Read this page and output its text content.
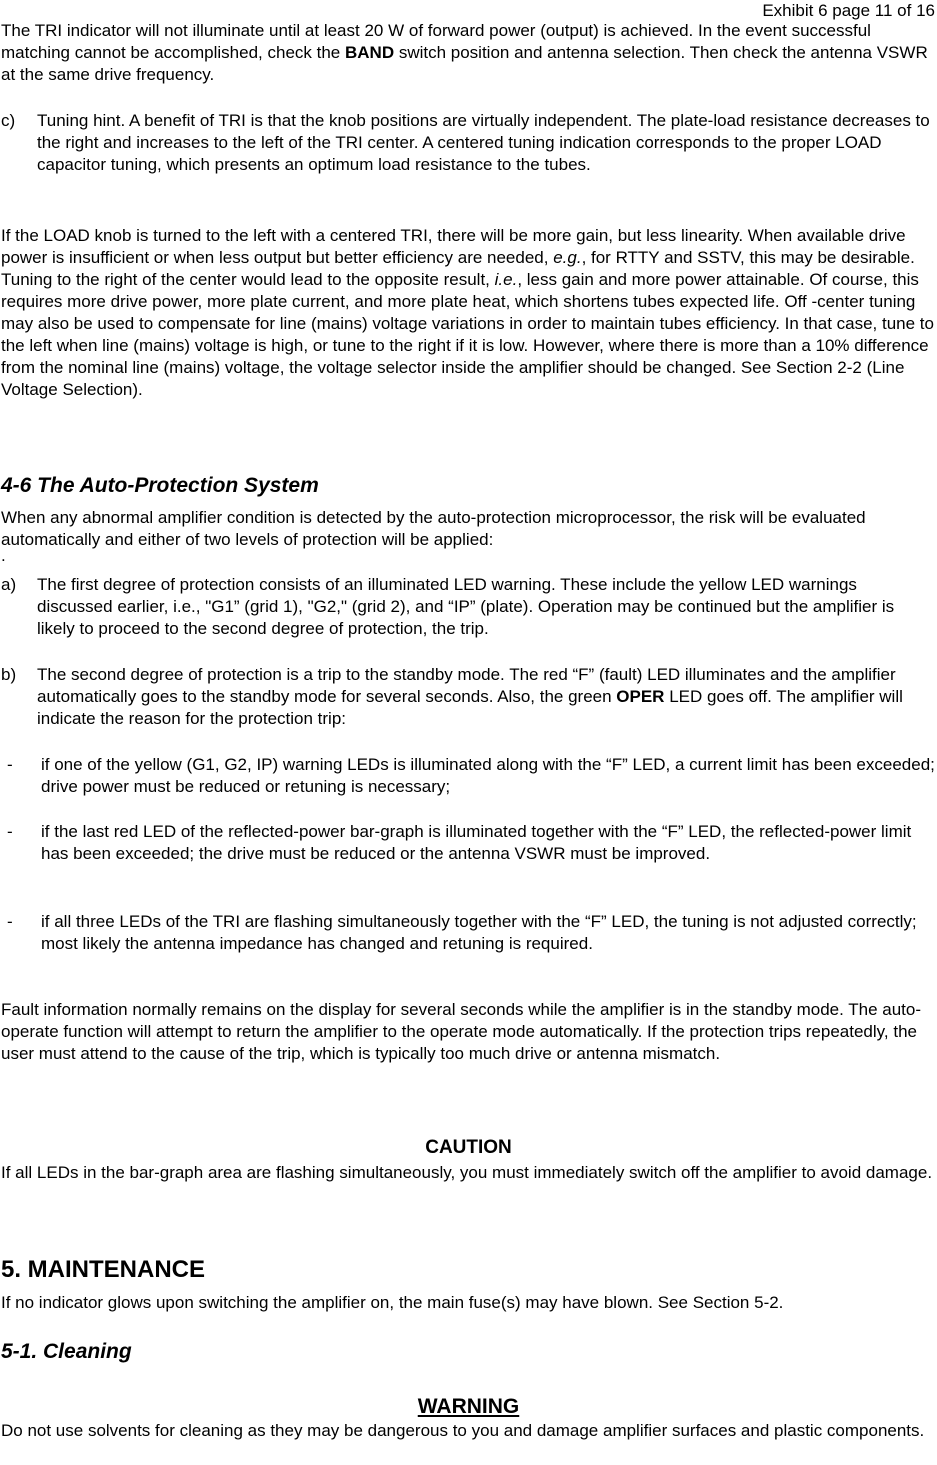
Exhibit 6 page 11 of 16
The TRI indicator will not illuminate until at least 20 W of forward power (output) is achieved. In the event successful matching cannot be accomplished, check the BAND switch position and antenna selection. Then check the antenna VSWR at the same drive frequency.
c) Tuning hint. A benefit of TRI is that the knob positions are virtually independent. The plate-load resistance decreases to the right and increases to the left of the TRI center. A centered tuning indication corresponds to the proper LOAD capacitor tuning, which presents an optimum load resistance to the tubes.
If the LOAD knob is turned to the left with a centered TRI, there will be more gain, but less linearity. When available drive power is insufficient or when less output but better efficiency are needed, e.g., for RTTY and SSTV, this may be desirable. Tuning to the right of the center would lead to the opposite result, i.e., less gain and more power attainable. Of course, this requires more drive power, more plate current, and more plate heat, which shortens tubes expected life. Off -center tuning may also be used to compensate for line (mains) voltage variations in order to maintain tubes efficiency. In that case, tune to the left when line (mains) voltage is high, or tune to the right if it is low. However, where there is more than a 10% difference from the nominal line (mains) voltage, the voltage selector inside the amplifier should be changed. See Section 2-2 (Line Voltage Selection).
4-6 The Auto-Protection System
When any abnormal amplifier condition is detected by the auto-protection microprocessor, the risk will be evaluated automatically and either of two levels of protection will be applied:
.
a) The first degree of protection consists of an illuminated LED warning. These include the yellow LED warnings discussed earlier, i.e., "G1” (grid 1), "G2," (grid 2), and “IP” (plate). Operation may be continued but the amplifier is likely to proceed to the second degree of protection, the trip.
b) The second degree of protection is a trip to the standby mode. The red “F” (fault) LED illuminates and the amplifier automatically goes to the standby mode for several seconds. Also, the green OPER LED goes off. The amplifier will indicate the reason for the protection trip:
- if one of the yellow (G1, G2, IP) warning LEDs is illuminated along with the “F” LED, a current limit has been exceeded; drive power must be reduced or retuning is necessary;
- if the last red LED of the reflected-power bar-graph is illuminated together with the “F” LED, the reflected-power limit has been exceeded; the drive must be reduced or the antenna VSWR must be improved.
- if all three LEDs of the TRI are flashing simultaneously together with the “F” LED, the tuning is not adjusted correctly; most likely the antenna impedance has changed and retuning is required.
Fault information normally remains on the display for several seconds while the amplifier is in the standby mode. The auto-operate function will attempt to return the amplifier to the operate mode automatically. If the protection trips repeatedly, the user must attend to the cause of the trip, which is typically too much drive or antenna mismatch.
CAUTION
If all LEDs in the bar-graph area are flashing simultaneously, you must immediately switch off the amplifier to avoid damage.
5. MAINTENANCE
If no indicator glows upon switching the amplifier on, the main fuse(s) may have blown. See Section 5-2.
5-1. Cleaning
WARNING
Do not use solvents for cleaning as they may be dangerous to you and damage amplifier surfaces and plastic components.
